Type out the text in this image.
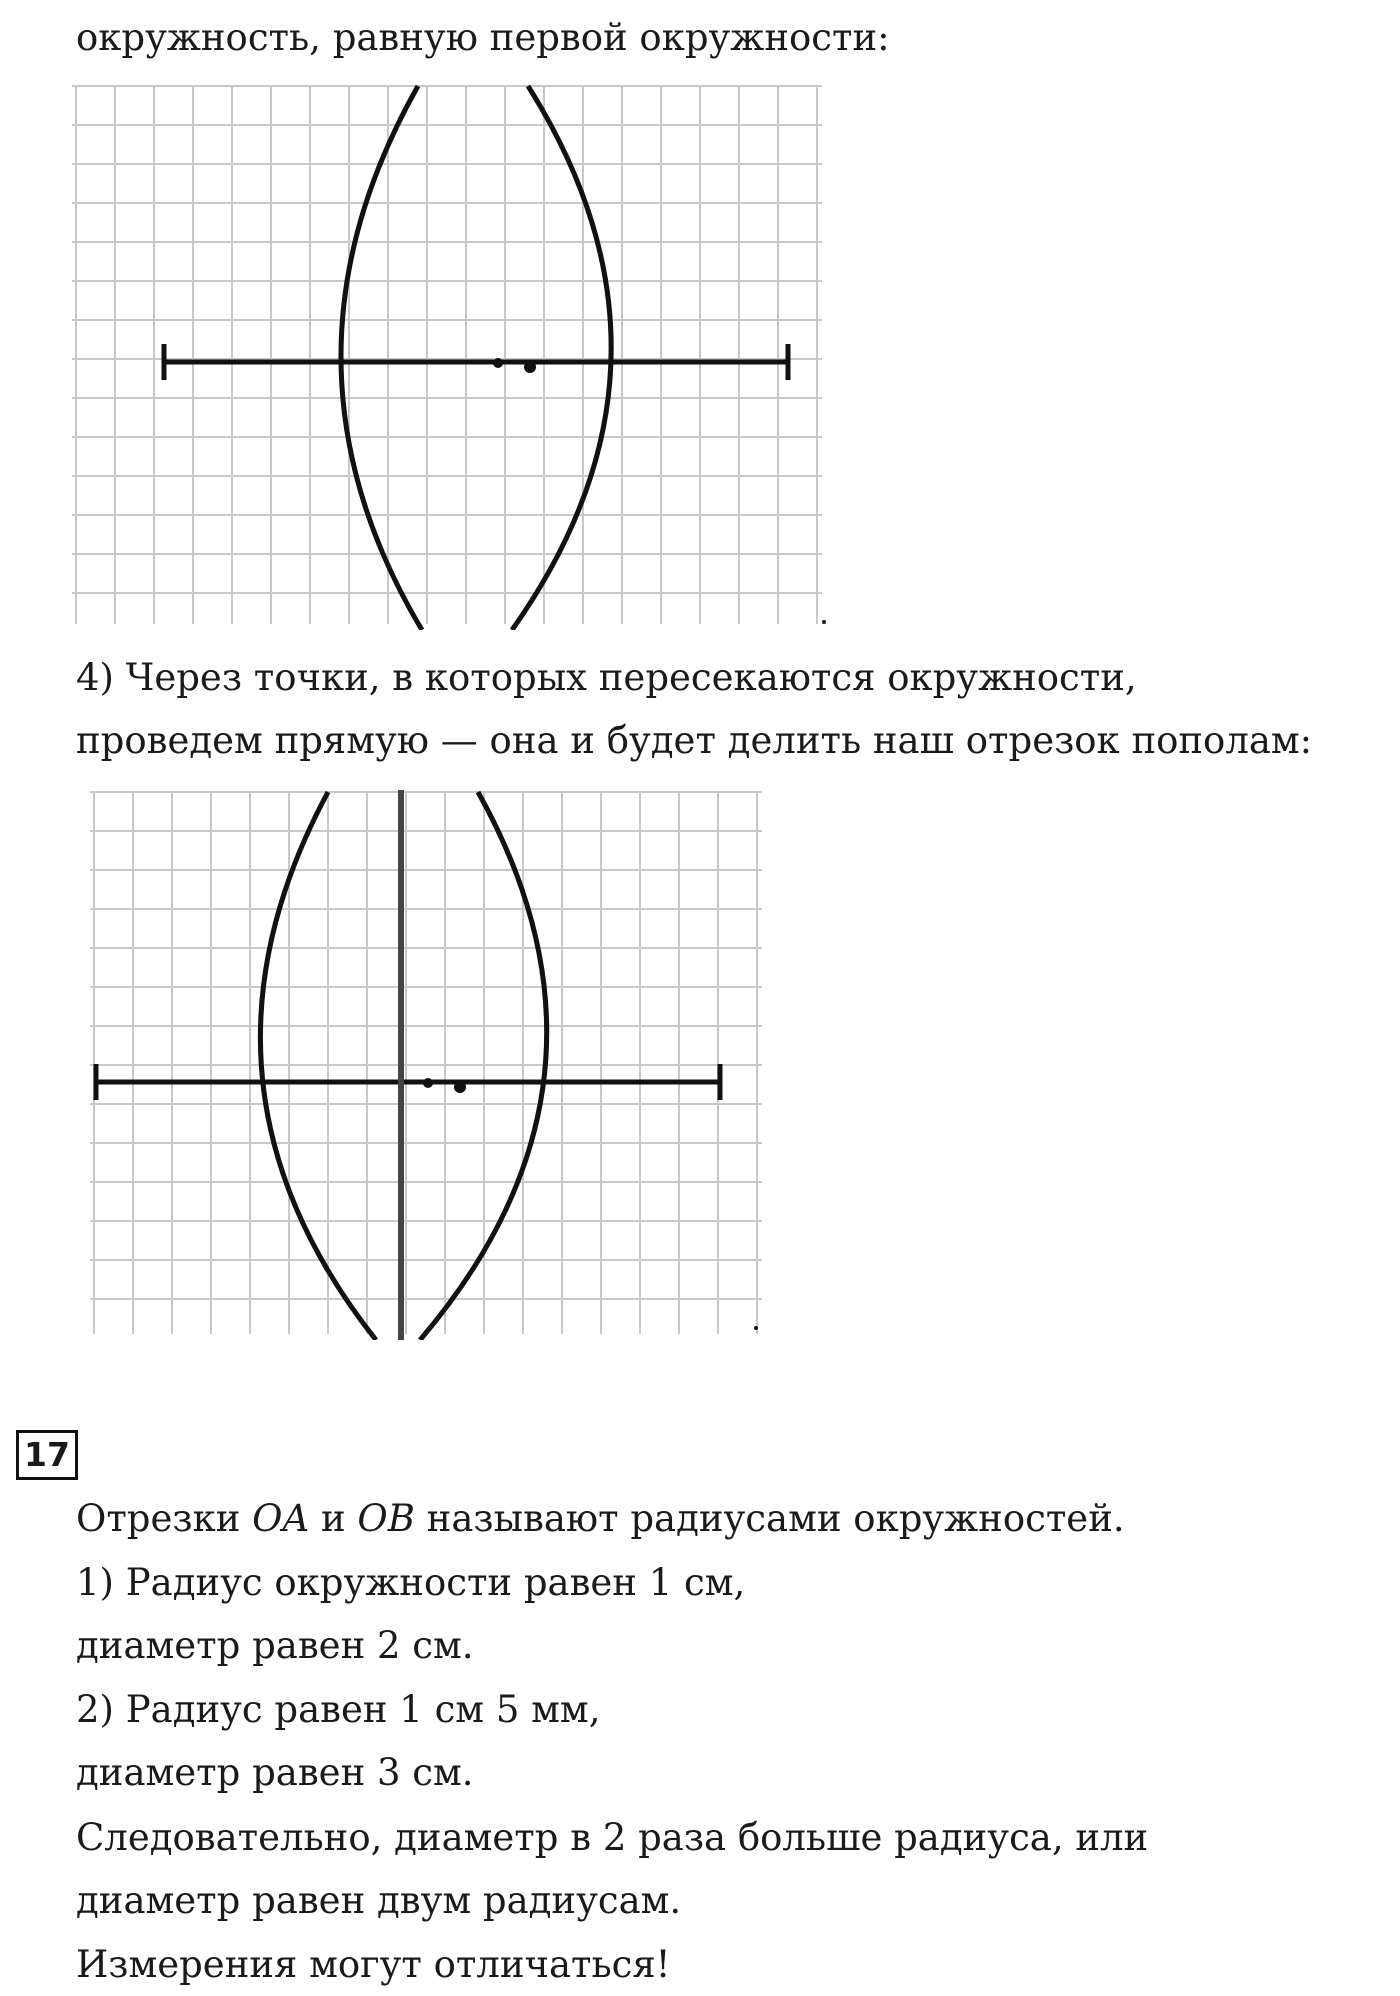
окружность, равную первой окружности:
4) Через точки, в которых пересекаются окружности,
проведем прямую — она и будет делить наш отрезок пополам:
17
Отрезки OA и OB называют радиусами окружностей.
1) Радиус окружности равен 1 см,
диаметр равен 2 см.
2) Радиус равен 1 см 5 мм,
диаметр равен 3 см.
Следовательно, диаметр в 2 раза больше радиуса, или
диаметр равен двум радиусам.
Измерения могут отличаться!
